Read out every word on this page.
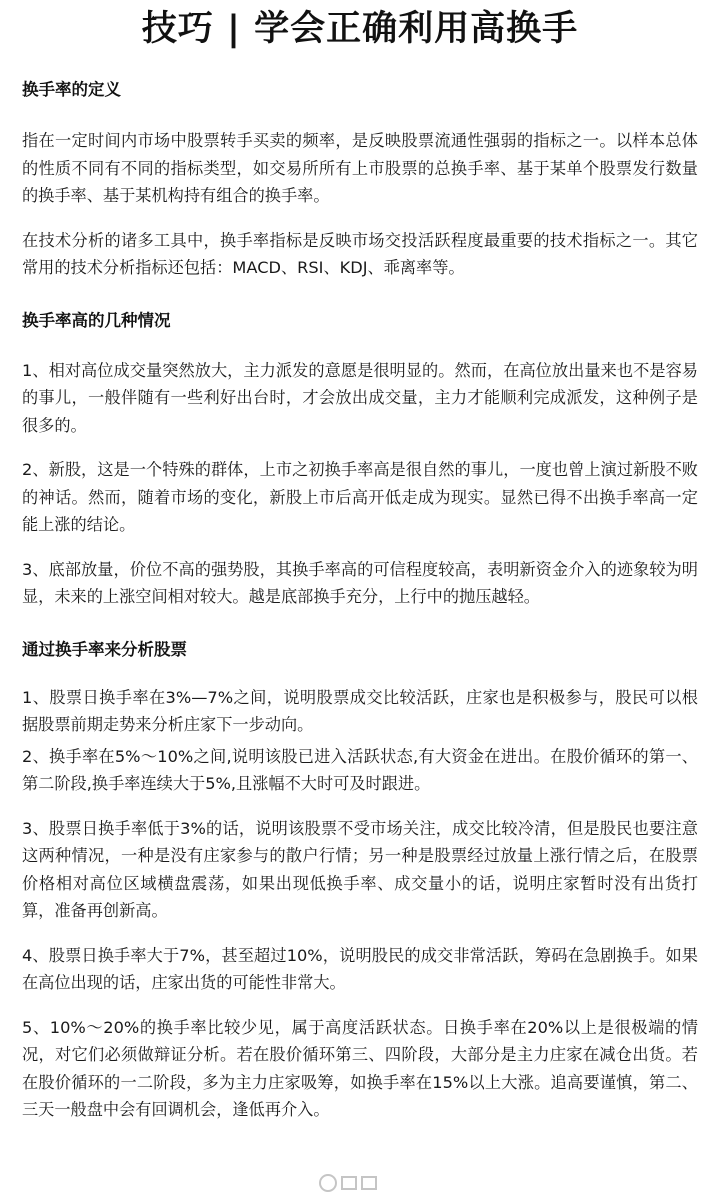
技巧 | 学会正确利用高换手
换手率的定义

指在一定时间内市场中股票转手买卖的频率，是反映股票流通性强弱的指标之一。以样本总体的性质不同有不同的指标类型，如交易所所有上市股票的总换手率、基于某单个股票发行数量的换手率、基于某机构持有组合的换手率。

在技术分析的诸多工具中，换手率指标是反映市场交投活跃程度最重要的技术指标之一。其它常用的技术分析指标还包括：MACD、RSI、KDJ、乖离率等。

换手率高的几种情况

1、相对高位成交量突然放大，主力派发的意愿是很明显的。然而，在高位放出量来也不是容易的事儿，一般伴随有一些利好出台时，才会放出成交量，主力才能顺利完成派发，这种例子是很多的。

2、新股，这是一个特殊的群体，上市之初换手率高是很自然的事儿，一度也曾上演过新股不败的神话。然而，随着市场的变化，新股上市后高开低走成为现实。显然已得不出换手率高一定能上涨的结论。

3、底部放量，价位不高的强势股，其换手率高的可信程度较高，表明新资金介入的迹象较为明显，未来的上涨空间相对较大。越是底部换手充分，上行中的抛压越轻。

通过换手率来分析股票

1、股票日换手率在3%—7%之间，说明股票成交比较活跃，庄家也是积极参与，股民可以根据股票前期走势来分析庄家下一步动向。

2、换手率在5%～10%之间,说明该股已进入活跃状态,有大资金在进出。在股价循环的第一、第二阶段,换手率连续大于5%,且涨幅不大时可及时跟进。

3、股票日换手率低于3%的话，说明该股票不受市场关注，成交比较冷清，但是股民也要注意这两种情况，一种是没有庄家参与的散户行情；另一种是股票经过放量上涨行情之后，在股票价格相对高位区域横盘震荡，如果出现低换手率、成交量小的话，说明庄家暂时没有出货打算，准备再创新高。

4、股票日换手率大于7%，甚至超过10%，说明股民的成交非常活跃，筹码在急剧换手。如果在高位出现的话，庄家出货的可能性非常大。

5、10%～20%的换手率比较少见，属于高度活跃状态。日换手率在20%以上是很极端的情况，对它们必须做辩证分析。若在股价循环第三、四阶段，大部分是主力庄家在减仓出货。若在股价循环的一二阶段，多为主力庄家吸筹，如换手率在15%以上大涨。追高要谨慎，第二、三天一般盘中会有回调机会，逢低再介入。
